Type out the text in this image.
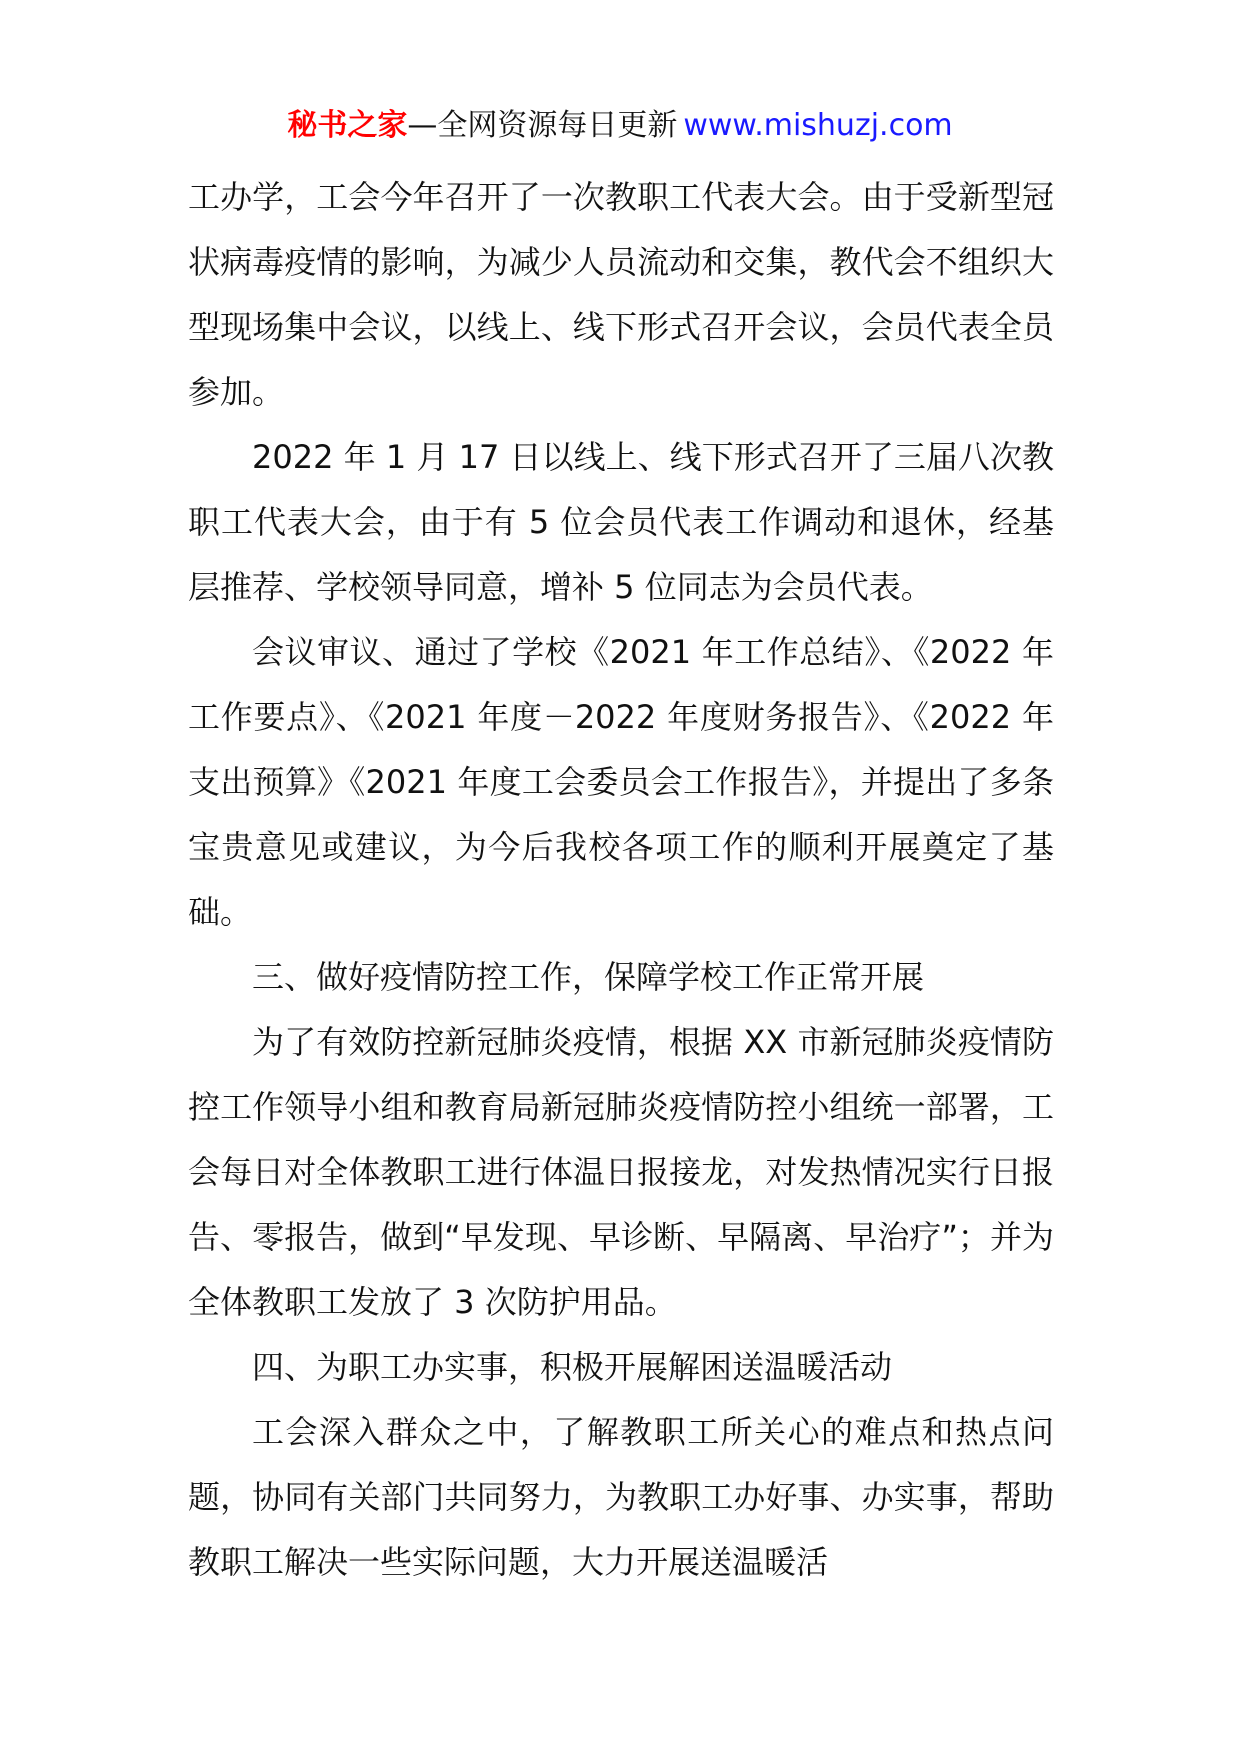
秘书之家—全网资源每日更新 www.mishuzj.com

工办学，工会今年召开了一次教职工代表大会。由于受新型冠状病毒疫情的影响，为减少人员流动和交集，教代会不组织大型现场集中会议，以线上、线下形式召开会议，会员代表全员参加。

2022 年 1 月 17 日以线上、线下形式召开了三届八次教职工代表大会，由于有 5 位会员代表工作调动和退休，经基层推荐、学校领导同意，增补 5 位同志为会员代表。

会议审议、通过了学校《2021 年工作总结》、《2022 年工作要点》、《2021 年度－2022 年度财务报告》、《2022 年支出预算》《2021 年度工会委员会工作报告》，并提出了多条宝贵意见或建议，为今后我校各项工作的顺利开展奠定了基础。

三、做好疫情防控工作，保障学校工作正常开展

为了有效防控新冠肺炎疫情，根据 XX 市新冠肺炎疫情防控工作领导小组和教育局新冠肺炎疫情防控小组统一部署，工会每日对全体教职工进行体温日报接龙，对发热情况实行日报告、零报告，做到“早发现、早诊断、早隔离、早治疗”；并为全体教职工发放了 3 次防护用品。

四、为职工办实事，积极开展解困送温暖活动

工会深入群众之中，了解教职工所关心的难点和热点问题，协同有关部门共同努力，为教职工办好事、办实事，帮助教职工解决一些实际问题，大力开展送温暖活
